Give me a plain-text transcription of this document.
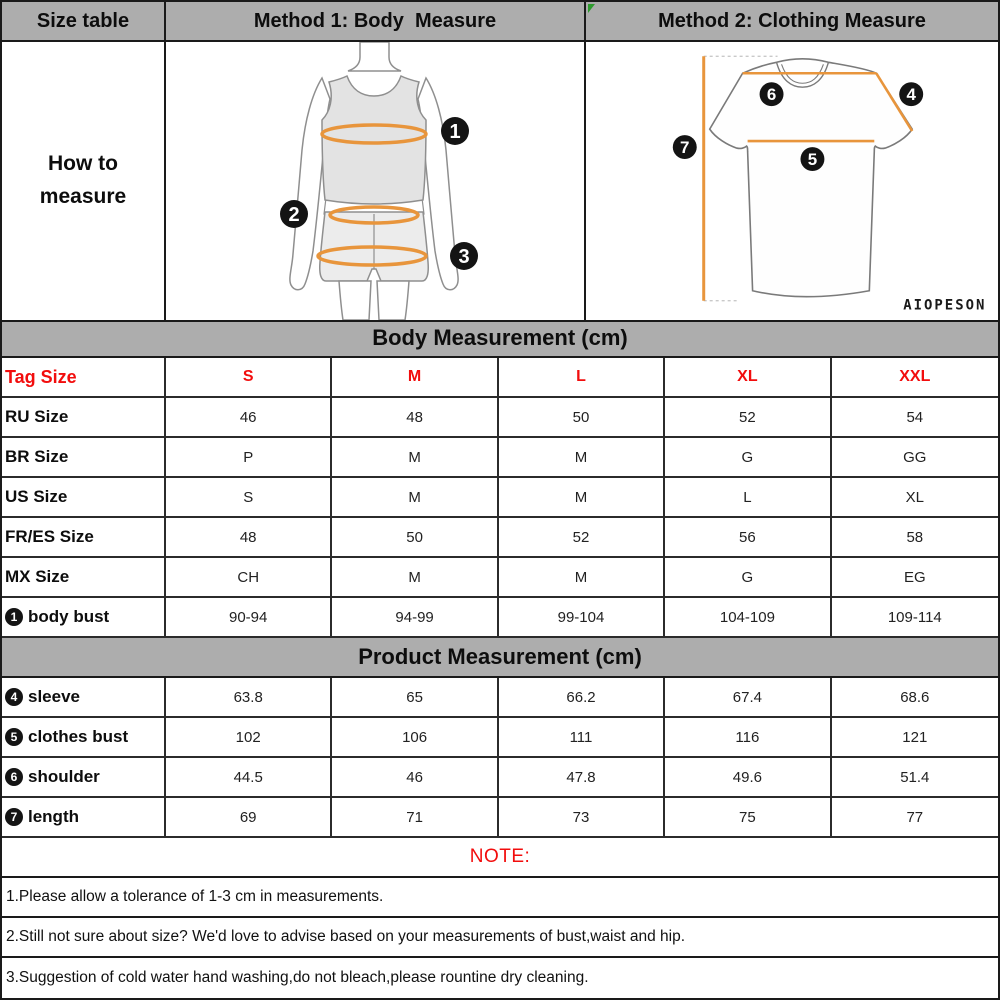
Size table	Method 1: Body  Measure	Method 2: Clothing Measure
How to measure
1
2
3
6	4
5
7
AIOPESON
Body Measurement (cm)
Tag Size	S	M	L	XL	XXL
RU Size	46	48	50	52	54
BR Size	P	M	M	G	GG
US Size	S	M	M	L	XL
FR/ES Size	48	50	52	56	58
MX Size	CH	M	M	G	EG
1 body bust	90-94	94-99	99-104	104-109	109-114
Product Measurement (cm)
4 sleeve	63.8	65	66.2	67.4	68.6
5 clothes bust	102	106	111	116	121
6 shoulder	44.5	46	47.8	49.6	51.4
7 length	69	71	73	75	77
NOTE:
1.Please allow a tolerance of 1-3 cm in measurements.
2.Still not sure about size? We'd love to advise based on your measurements of bust,waist and hip.
3.Suggestion of cold water hand washing,do not bleach,please rountine dry cleaning.
